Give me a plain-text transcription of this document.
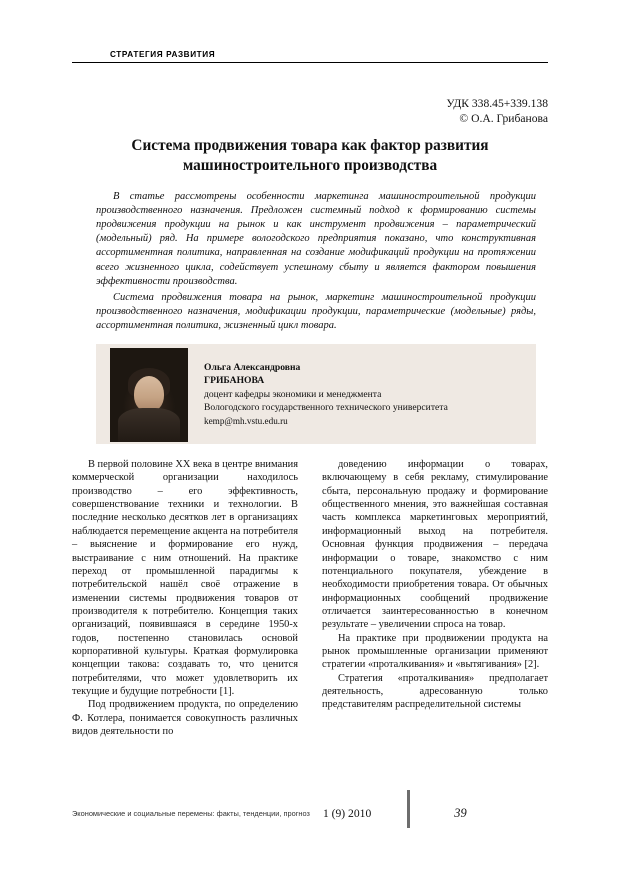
СТРАТЕГИЯ РАЗВИТИЯ
УДК 338.45+339.138
© О.А. Грибанова
Система продвижения товара как фактор развития
машиностроительного производства
В статье рассмотрены особенности маркетинга машиностроительной продукции производственного назначения. Предложен системный подход к формированию системы продвижения продукции на рынок и как инструмент продвижения – параметрический (модельный) ряд. На примере вологодского предприятия показано, что конструктивная ассортиментная политика, направленная на создание модификаций продукции на протяжении всего жизненного цикла, содействует успешному сбыту и является фактором повышения эффективности производства.
Система продвижения товара на рынок, маркетинг машиностроительной продукции производственного назначения, модификации продукции, параметрические (модельные) ряды, ассортиментная политика, жизненный цикл товара.
Ольга Александровна
ГРИБАНОВА
доцент кафедры экономики и менеджмента
Вологодского государственного технического университета
kemp@mh.vstu.edu.ru

В первой половине XX века в центре внимания коммерческой организации находилось производство – его эффективность, совершенствование техники и технологии. В последние несколько десятков лет в организациях наблюдается перемещение акцента на потребителя – выяснение и формирование его нужд, выстраивание с ним отношений. На практике переход от промышленной парадигмы к потребительской нашёл своё отражение в изменении системы продвижения товаров от производителя к потребителю. Концепция таких организаций, появившаяся в середине 1950-х годов, постепенно становилась основой корпоративной культуры. Краткая формулировка концепции такова: создавать то, что ценится потребителями, что может удовлетворить их текущие и будущие потребности [1].

Под продвижением продукта, по определению Ф. Котлера, понимается совокупность различных видов деятельности по

доведению информации о товарах, включающему в себя рекламу, стимулирование сбыта, персональную продажу и формирование общественного мнения, это важнейшая составная часть комплекса маркетинговых мероприятий, информационный выход на потребителя. Основная функция продвижения – передача информации о товаре, знакомство с ним потенциального покупателя, убеждение в необходимости приобретения товара. От обычных информационных сообщений продвижение отличается заинтересованностью в конечном результате – увеличении спроса на товар.

На практике при продвижении продукта на рынок промышленные организации применяют стратегии «проталкивания» и «вытягивания» [2].

Стратегия «проталкивания» предполагает деятельность, адресованную только представителям распределительной системы

Экономические и социальные перемены: факты, тенденции, прогноз 1 (9) 2010	39
